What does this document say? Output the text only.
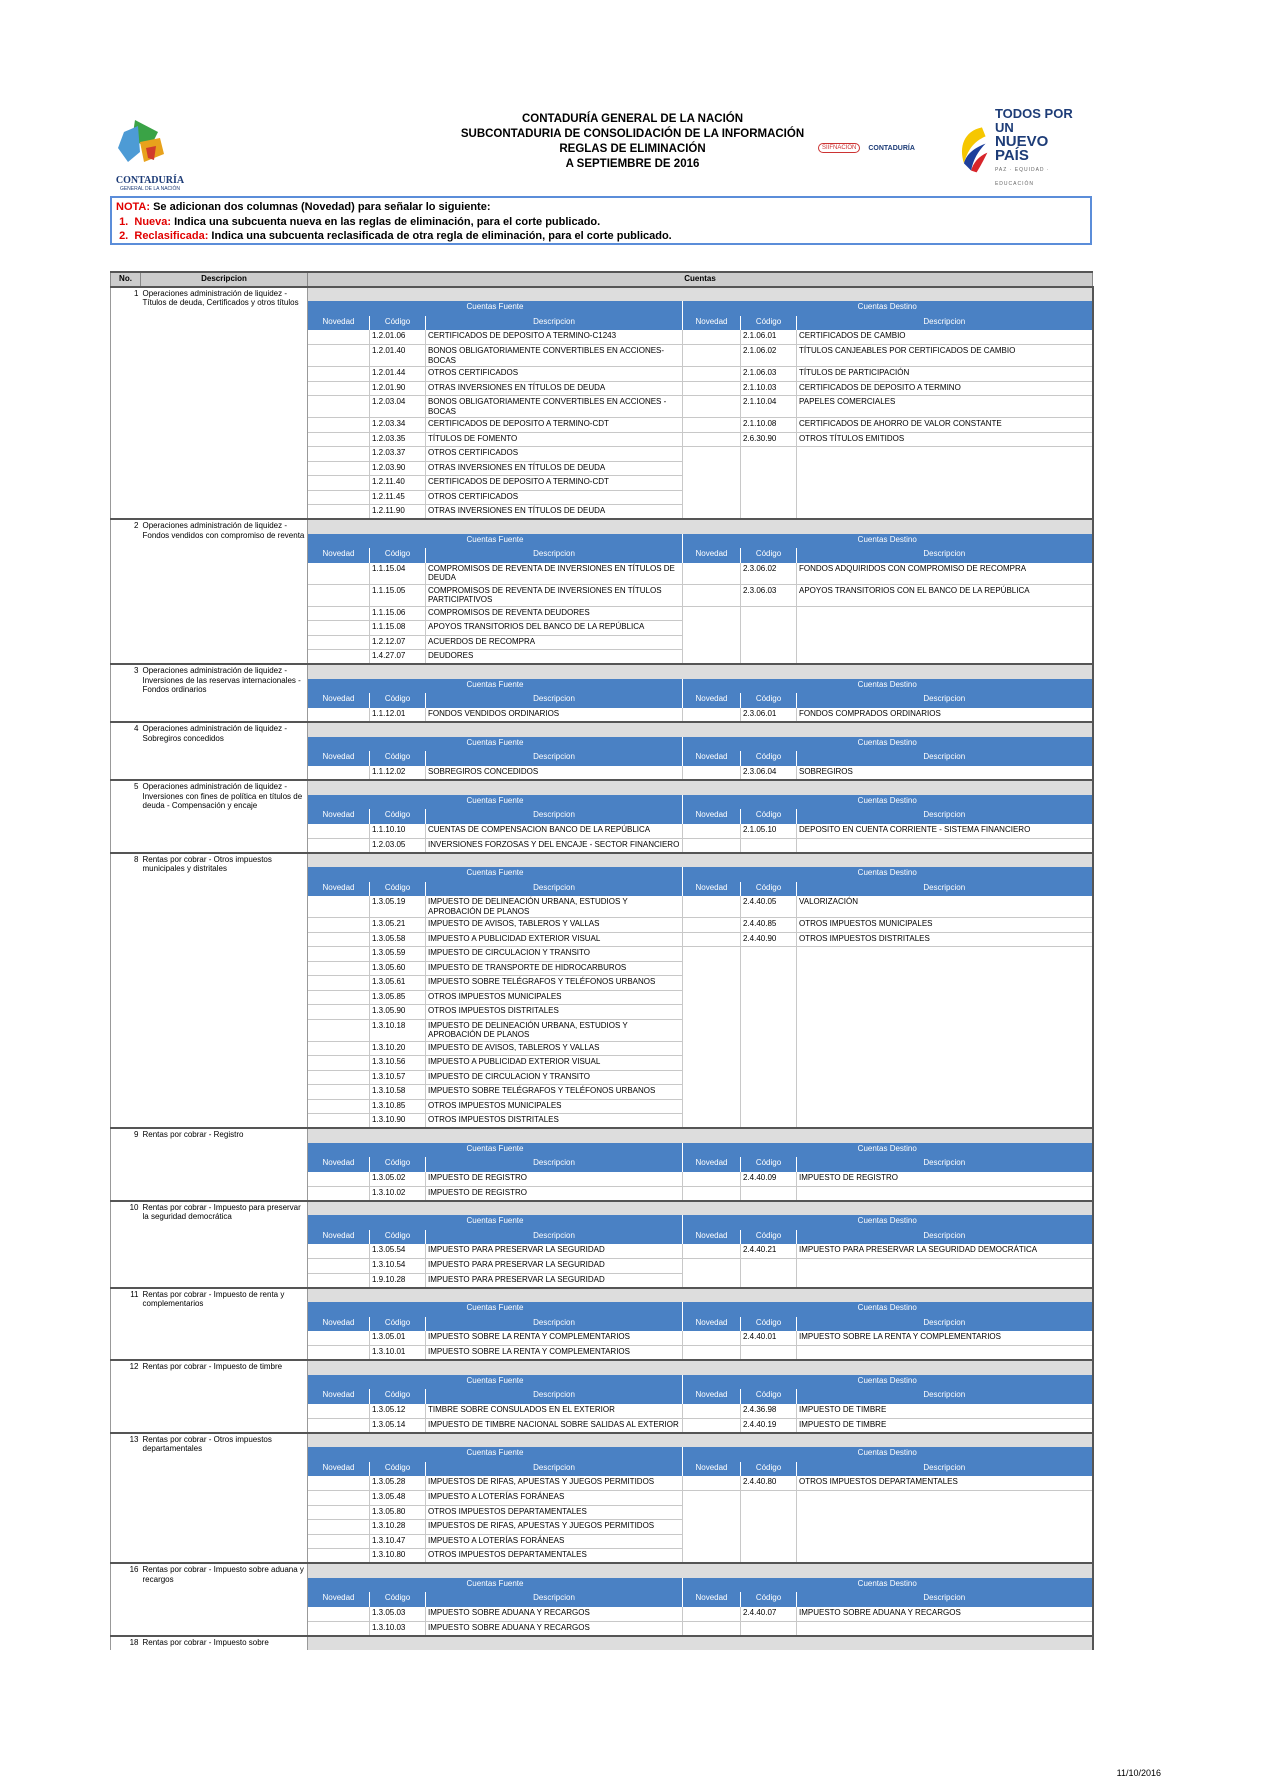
CONTADURÍA GENERAL DE LA NACIÓN
SUBCONTADURIA DE CONSOLIDACIÓN DE LA INFORMACIÓN
REGLAS DE ELIMINACIÓN
A SEPTIEMBRE DE 2016
CONTADURÍA
GENERAL DE LA NACIÓN
SIIFNACIÓN	CONTADURÍA
TODOS POR UN
NUEVO PAÍS
PAZ · EQUIDAD · EDUCACIÓN
NOTA: Se adicionan dos columnas (Novedad) para señalar lo siguiente:
1. Nueva: Indica una subcuenta nueva en las reglas de eliminación, para el corte publicado.
2. Reclasificada: Indica una subcuenta reclasificada de otra regla de eliminación, para el corte publicado.
No.	Descripcion	Cuentas					
1	Operaciones administración de liquidez - Títulos de deuda, Certificados y otros títulos						
		Cuentas Fuente			Cuentas Destino		
		Novedad	Código	Descripcion	Novedad	Código	Descripcion
			1.2.01.06	CERTIFICADOS DE DEPOSITO A TERMINO-C1243		2.1.06.01	CERTIFICADOS DE CAMBIO
			1.2.01.40	BONOS OBLIGATORIAMENTE CONVERTIBLES EN ACCIONES-BOCAS		2.1.06.02	TÍTULOS CANJEABLES POR CERTIFICADOS DE CAMBIO
			1.2.01.44	OTROS CERTIFICADOS		2.1.06.03	TÍTULOS DE PARTICIPACIÓN
			1.2.01.90	OTRAS INVERSIONES EN TÍTULOS DE DEUDA		2.1.10.03	CERTIFICADOS DE DEPOSITO A TERMINO
			1.2.03.04	BONOS OBLIGATORIAMENTE CONVERTIBLES EN ACCIONES - BOCAS		2.1.10.04	PAPELES COMERCIALES
			1.2.03.34	CERTIFICADOS DE DEPOSITO A TERMINO-CDT		2.1.10.08	CERTIFICADOS DE AHORRO DE VALOR CONSTANTE
			1.2.03.35	TÍTULOS DE FOMENTO		2.6.30.90	OTROS TÍTULOS EMITIDOS
			1.2.03.37	OTROS CERTIFICADOS			
			1.2.03.90	OTRAS INVERSIONES EN TÍTULOS DE DEUDA			
			1.2.11.40	CERTIFICADOS DE DEPOSITO A TERMINO-CDT			
			1.2.11.45	OTROS CERTIFICADOS			
			1.2.11.90	OTRAS INVERSIONES EN TÍTULOS DE DEUDA			
2	Operaciones administración de liquidez - Fondos vendidos con compromiso de reventa						
		Cuentas Fuente			Cuentas Destino		
		Novedad	Código	Descripcion	Novedad	Código	Descripcion
			1.1.15.04	COMPROMISOS DE REVENTA DE INVERSIONES EN TÍTULOS DE DEUDA		2.3.06.02	FONDOS ADQUIRIDOS CON COMPROMISO DE RECOMPRA
			1.1.15.05	COMPROMISOS DE REVENTA DE INVERSIONES EN TÍTULOS PARTICIPATIVOS		2.3.06.03	APOYOS TRANSITORIOS CON EL BANCO DE LA REPÚBLICA
			1.1.15.06	COMPROMISOS DE REVENTA DEUDORES			
			1.1.15.08	APOYOS TRANSITORIOS DEL BANCO DE LA REPÚBLICA			
			1.2.12.07	ACUERDOS DE RECOMPRA			
			1.4.27.07	DEUDORES			
3	Operaciones administración de liquidez - Inversiones de las reservas internacionales - Fondos ordinarios						
		Cuentas Fuente			Cuentas Destino		
		Novedad	Código	Descripcion	Novedad	Código	Descripcion
			1.1.12.01	FONDOS VENDIDOS ORDINARIOS		2.3.06.01	FONDOS COMPRADOS ORDINARIOS
4	Operaciones administración de liquidez - Sobregiros concedidos						
		Cuentas Fuente			Cuentas Destino		
		Novedad	Código	Descripcion	Novedad	Código	Descripcion
			1.1.12.02	SOBREGIROS CONCEDIDOS		2.3.06.04	SOBREGIROS
5	Operaciones administración de liquidez - Inversiones con fines de política en títulos de deuda - Compensación y encaje						
		Cuentas Fuente			Cuentas Destino		
		Novedad	Código	Descripcion	Novedad	Código	Descripcion
			1.1.10.10	CUENTAS DE COMPENSACION BANCO DE LA REPÚBLICA		2.1.05.10	DEPOSITO EN CUENTA CORRIENTE - SISTEMA FINANCIERO
			1.2.03.05	INVERSIONES FORZOSAS Y DEL ENCAJE - SECTOR FINANCIERO			
8	Rentas por cobrar - Otros impuestos municipales y distritales						
		Cuentas Fuente			Cuentas Destino		
		Novedad	Código	Descripcion	Novedad	Código	Descripcion
			1.3.05.19	IMPUESTO DE DELINEACIÓN URBANA, ESTUDIOS Y APROBACIÓN DE PLANOS		2.4.40.05	VALORIZACIÓN
			1.3.05.21	IMPUESTO DE AVISOS, TABLEROS Y VALLAS		2.4.40.85	OTROS IMPUESTOS MUNICIPALES
			1.3.05.58	IMPUESTO A PUBLICIDAD EXTERIOR VISUAL		2.4.40.90	OTROS IMPUESTOS DISTRITALES
			1.3.05.59	IMPUESTO DE CIRCULACION Y TRANSITO			
			1.3.05.60	IMPUESTO DE TRANSPORTE DE HIDROCARBUROS			
			1.3.05.61	IMPUESTO SOBRE TELÉGRAFOS Y TELÉFONOS URBANOS			
			1.3.05.85	OTROS IMPUESTOS MUNICIPALES			
			1.3.05.90	OTROS IMPUESTOS DISTRITALES			
			1.3.10.18	IMPUESTO DE DELINEACIÓN URBANA, ESTUDIOS Y APROBACIÓN DE PLANOS			
			1.3.10.20	IMPUESTO DE AVISOS, TABLEROS Y VALLAS			
			1.3.10.56	IMPUESTO A PUBLICIDAD EXTERIOR VISUAL			
			1.3.10.57	IMPUESTO DE CIRCULACION Y TRANSITO			
			1.3.10.58	IMPUESTO SOBRE TELÉGRAFOS Y TELÉFONOS URBANOS			
			1.3.10.85	OTROS IMPUESTOS MUNICIPALES			
			1.3.10.90	OTROS IMPUESTOS DISTRITALES			
9	Rentas por cobrar - Registro						
		Cuentas Fuente			Cuentas Destino		
		Novedad	Código	Descripcion	Novedad	Código	Descripcion
			1.3.05.02	IMPUESTO DE REGISTRO		2.4.40.09	IMPUESTO DE REGISTRO
			1.3.10.02	IMPUESTO DE REGISTRO			
10	Rentas por cobrar - Impuesto para preservar la seguridad democrática						
		Cuentas Fuente			Cuentas Destino		
		Novedad	Código	Descripcion	Novedad	Código	Descripcion
			1.3.05.54	IMPUESTO PARA PRESERVAR LA SEGURIDAD		2.4.40.21	IMPUESTO PARA PRESERVAR LA SEGURIDAD DEMOCRÁTICA
			1.3.10.54	IMPUESTO PARA PRESERVAR LA SEGURIDAD			
			1.9.10.28	IMPUESTO PARA PRESERVAR LA SEGURIDAD			
11	Rentas por cobrar - Impuesto de renta y complementarios						
		Cuentas Fuente			Cuentas Destino		
		Novedad	Código	Descripcion	Novedad	Código	Descripcion
			1.3.05.01	IMPUESTO SOBRE LA RENTA Y COMPLEMENTARIOS		2.4.40.01	IMPUESTO SOBRE LA RENTA Y COMPLEMENTARIOS
			1.3.10.01	IMPUESTO SOBRE LA RENTA Y COMPLEMENTARIOS			
12	Rentas por cobrar - Impuesto de timbre						
		Cuentas Fuente			Cuentas Destino		
		Novedad	Código	Descripcion	Novedad	Código	Descripcion
			1.3.05.12	TIMBRE SOBRE CONSULADOS EN EL EXTERIOR		2.4.36.98	IMPUESTO DE TIMBRE
			1.3.05.14	IMPUESTO DE TIMBRE NACIONAL SOBRE SALIDAS AL EXTERIOR		2.4.40.19	IMPUESTO DE TIMBRE
13	Rentas por cobrar - Otros impuestos departamentales						
		Cuentas Fuente			Cuentas Destino		
		Novedad	Código	Descripcion	Novedad	Código	Descripcion
			1.3.05.28	IMPUESTOS DE RIFAS, APUESTAS Y JUEGOS PERMITIDOS		2.4.40.80	OTROS IMPUESTOS DEPARTAMENTALES
			1.3.05.48	IMPUESTO A LOTERÍAS FORÁNEAS			
			1.3.05.80	OTROS IMPUESTOS DEPARTAMENTALES			
			1.3.10.28	IMPUESTOS DE RIFAS, APUESTAS Y JUEGOS PERMITIDOS			
			1.3.10.47	IMPUESTO A LOTERÍAS FORÁNEAS			
			1.3.10.80	OTROS IMPUESTOS DEPARTAMENTALES			
16	Rentas por cobrar - Impuesto sobre aduana y recargos						
		Cuentas Fuente			Cuentas Destino		
		Novedad	Código	Descripcion	Novedad	Código	Descripcion
			1.3.05.03	IMPUESTO SOBRE ADUANA Y RECARGOS		2.4.40.07	IMPUESTO SOBRE ADUANA Y RECARGOS
			1.3.10.03	IMPUESTO SOBRE ADUANA Y RECARGOS			
18	Rentas por cobrar - Impuesto sobre						
11/10/2016
